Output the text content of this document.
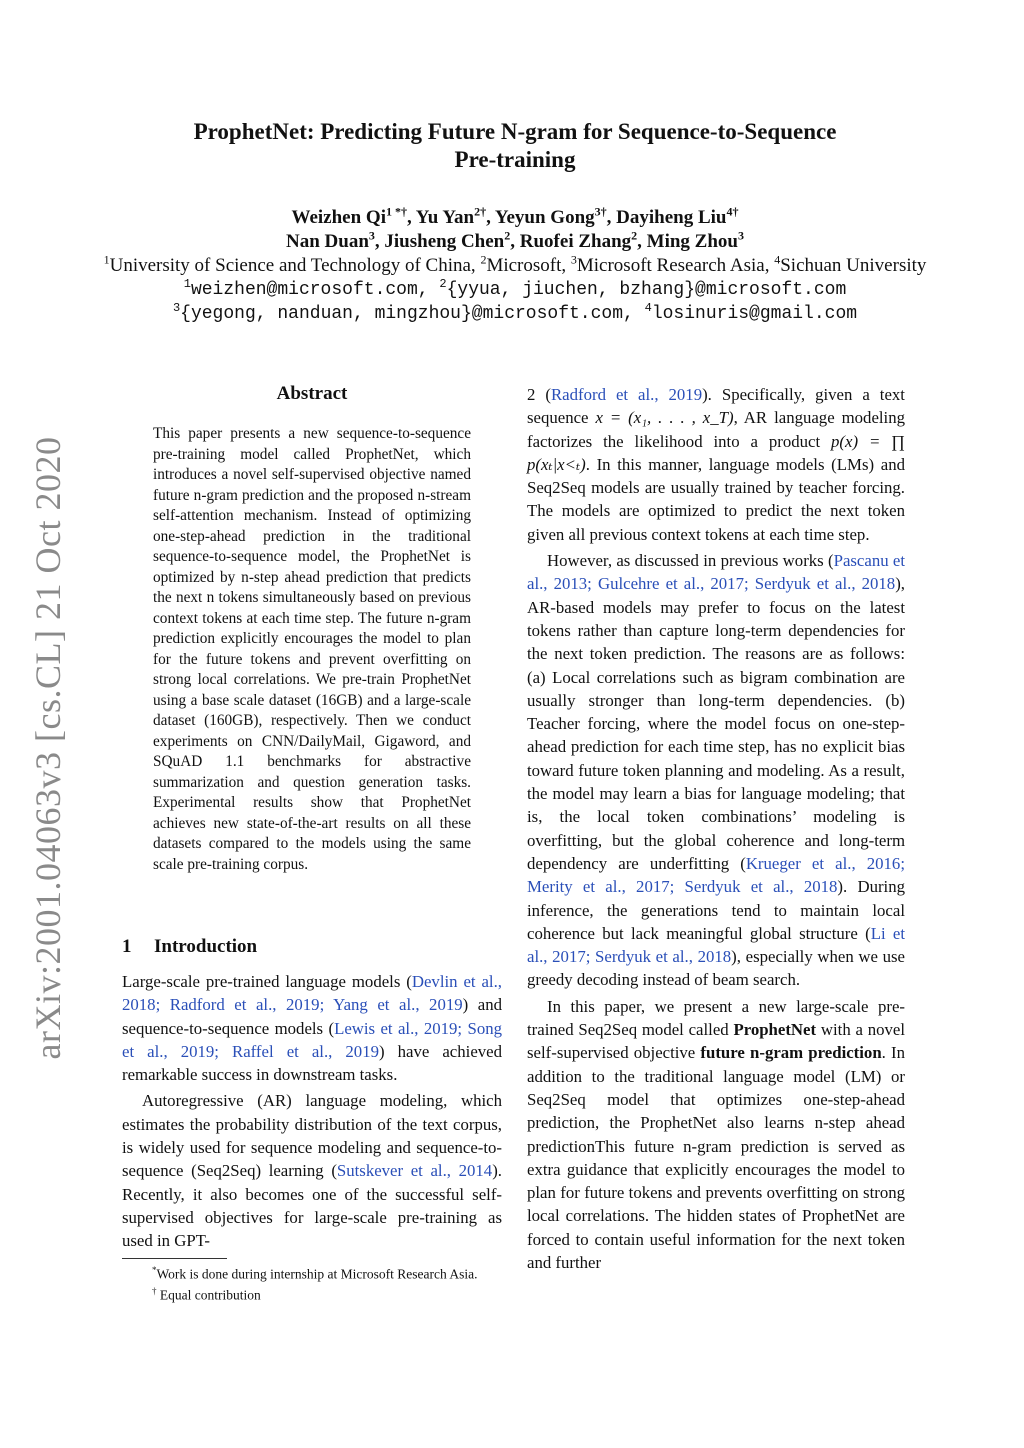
arXiv:2001.04063v3 [cs.CL] 21 Oct 2020
ProphetNet: Predicting Future N-gram for Sequence-to-Sequence
Pre-training
Weizhen $Qi^{1 *\dagger}$, Yu Yan$^{2\dagger}$, Yeyun Gong$^{3\dagger}$, Dayiheng Liu$^{4\dagger}$
Nan Duan$^3$, Jiusheng Chen$^2$, Ruofei Zhang$^2$, Ming Zhou$^3$
$^1$University of Science and Technology of China, $^2$Microsoft, $^3$Microsoft Research Asia, $^4$Sichuan University
$^1$weizhen@microsoft.com, $^2${yyua, jiuchen, bzhang}@microsoft.com
$^3${yegong, nanduan, mingzhou}@microsoft.com, $^4$losinuris@gmail.com
Abstract
This paper presents a new sequence-to-sequence pre-training model called ProphetNet, which introduces a novel self-supervised objective named future n-gram prediction and the proposed n-stream self-attention mechanism. Instead of optimizing one-step-ahead prediction in the traditional sequence-to-sequence model, the ProphetNet is optimized by n-step ahead prediction that predicts the next n tokens simultaneously based on previous context tokens at each time step. The future n-gram prediction explicitly encourages the model to plan for the future tokens and prevent overfitting on strong local correlations. We pre-train ProphetNet using a base scale dataset (16GB) and a large-scale dataset (160GB), respectively. Then we conduct experiments on CNN/DailyMail, Gigaword, and SQuAD 1.1 benchmarks for abstractive summarization and question generation tasks. Experimental results show that ProphetNet achieves new state-of-the-art results on all these datasets compared to the models using the same scale pre-training corpus.
1 Introduction

Large-scale pre-trained language models (Devlin et al., 2018; Radford et al., 2019; Yang et al., 2019) and sequence-to-sequence models (Lewis et al., 2019; Song et al., 2019; Raffel et al., 2019) have achieved remarkable success in downstream tasks.

Autoregressive (AR) language modeling, which estimates the probability distribution of the text corpus, is widely used for sequence modeling and sequence-to-sequence (Seq2Seq) learning (Sutskever et al., 2014). Recently, it also becomes one of the successful self-supervised objectives for large-scale pre-training as used in GPT-

*Work is done during internship at Microsoft Research Asia.

† Equal contribution

2 (Radford et al., 2019). Specifically, given a text sequence x = (x₁, . . . , x_T), AR language modeling factorizes the likelihood into a product p(x) = ∏ p(xₜ|x<ₜ). In this manner, language models (LMs) and Seq2Seq models are usually trained by teacher forcing. The models are optimized to predict the next token given all previous context tokens at each time step.

However, as discussed in previous works (Pascanu et al., 2013; Gulcehre et al., 2017; Serdyuk et al., 2018), AR-based models may prefer to focus on the latest tokens rather than capture long-term dependencies for the next token prediction. The reasons are as follows: (a) Local correlations such as bigram combination are usually stronger than long-term dependencies. (b) Teacher forcing, where the model focus on one-step-ahead prediction for each time step, has no explicit bias toward future token planning and modeling. As a result, the model may learn a bias for language modeling; that is, the local token combinations’ modeling is overfitting, but the global coherence and long-term dependency are underfitting (Krueger et al., 2016; Merity et al., 2017; Serdyuk et al., 2018). During inference, the generations tend to maintain local coherence but lack meaningful global structure (Li et al., 2017; Serdyuk et al., 2018), especially when we use greedy decoding instead of beam search.

In this paper, we present a new large-scale pre-trained Seq2Seq model called ProphetNet with a novel self-supervised objective future n-gram prediction. In addition to the traditional language model (LM) or Seq2Seq model that optimizes one-step-ahead prediction, the ProphetNet also learns n-step ahead predictionThis future n-gram prediction is served as extra guidance that explicitly encourages the model to plan for future tokens and prevents overfitting on strong local correlations. The hidden states of ProphetNet are forced to contain useful information for the next token and further
